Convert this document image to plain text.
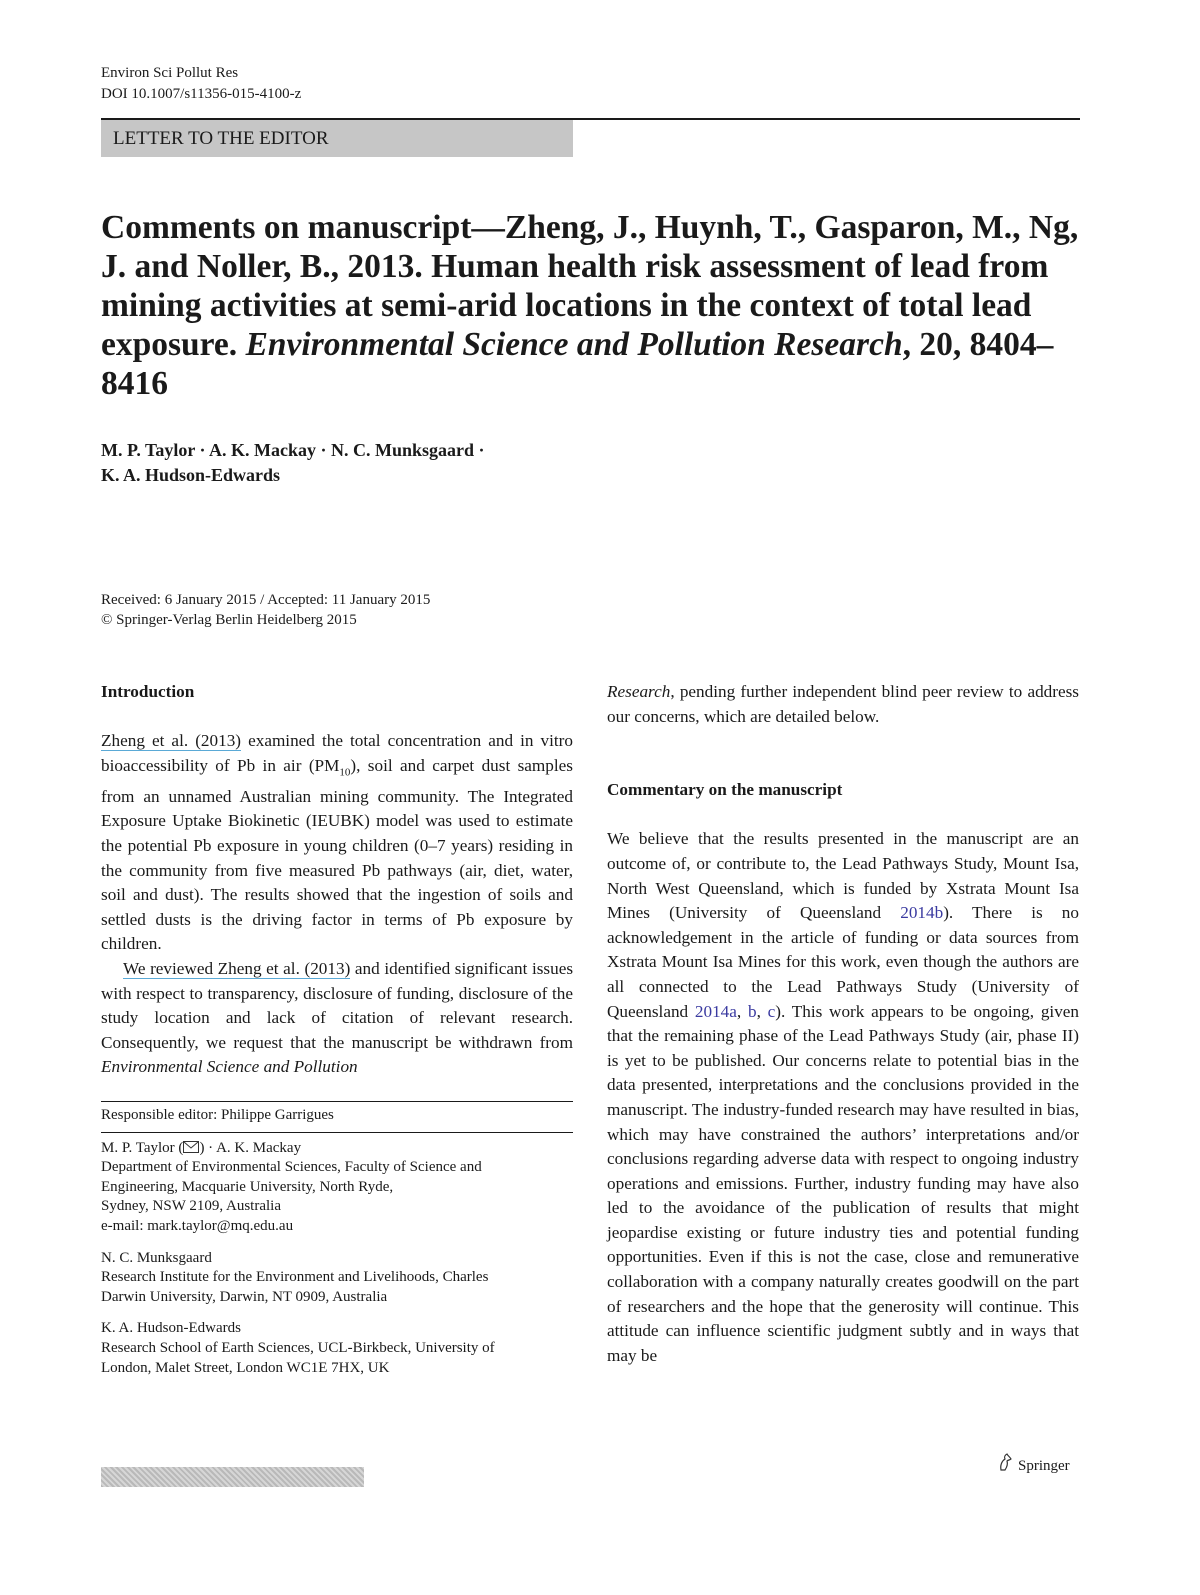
Environ Sci Pollut Res
DOI 10.1007/s11356-015-4100-z
LETTER TO THE EDITOR
Comments on manuscript—Zheng, J., Huynh, T., Gasparon, M., Ng, J. and Noller, B., 2013. Human health risk assessment of lead from mining activities at semi-arid locations in the context of total lead exposure. Environmental Science and Pollution Research, 20, 8404–8416
M. P. Taylor · A. K. Mackay · N. C. Munksgaard ·
K. A. Hudson-Edwards
Received: 6 January 2015 / Accepted: 11 January 2015
© Springer-Verlag Berlin Heidelberg 2015
Introduction

Zheng et al. (2013) examined the total concentration and in vitro bioaccessibility of Pb in air $(PM_{10})$, soil and carpet dust samples from an unnamed Australian mining community. The Integrated Exposure Uptake Biokinetic (IEUBK) model was used to estimate the potential Pb exposure in young children (0–7 years) residing in the community from five measured Pb pathways (air, diet, water, soil and dust). The results showed that the ingestion of soils and settled dusts is the driving factor in terms of Pb exposure by children.

We reviewed Zheng et al. (2013) and identified significant issues with respect to transparency, disclosure of funding, disclosure of the study location and lack of citation of relevant research. Consequently, we request that the manuscript be withdrawn from Environmental Science and Pollution

Responsible editor: Philippe Garrigues

M. P. Taylor ( ) · A. K. Mackay

Department of Environmental Sciences, Faculty of Science and

Engineering, Macquarie University, North Ryde,

Sydney, NSW 2109, Australia

e-mail: mark.taylor@mq.edu.au

N. C. Munksgaard

Research Institute for the Environment and Livelihoods, Charles

Darwin University, Darwin, NT 0909, Australia

K. A. Hudson-Edwards

Research School of Earth Sciences, UCL-Birkbeck, University of

London, Malet Street, London WC1E 7HX, UK

Research, pending further independent blind peer review to address our concerns, which are detailed below.

Commentary on the manuscript

We believe that the results presented in the manuscript are an outcome of, or contribute to, the Lead Pathways Study, Mount Isa, North West Queensland, which is funded by Xstrata Mount Isa Mines (University of Queensland 2014b). There is no acknowledgement in the article of funding or data sources from Xstrata Mount Isa Mines for this work, even though the authors are all connected to the Lead Pathways Study (University of Queensland 2014a, b, c). This work appears to be ongoing, given that the remaining phase of the Lead Pathways Study (air, phase II) is yet to be published. Our concerns relate to potential bias in the data presented, interpretations and the conclusions provided in the manuscript. The industry-funded research may have resulted in bias, which may have constrained the authors’ interpretations and/or conclusions regarding adverse data with respect to ongoing industry operations and emissions. Further, industry funding may have also led to the avoidance of the publication of results that might jeopardise existing or future industry ties and potential funding opportunities. Even if this is not the case, close and remunerative collaboration with a company naturally creates goodwill on the part of researchers and the hope that the generosity will continue. This attitude can influence scientific judgment subtly and in ways that may be

Springer
